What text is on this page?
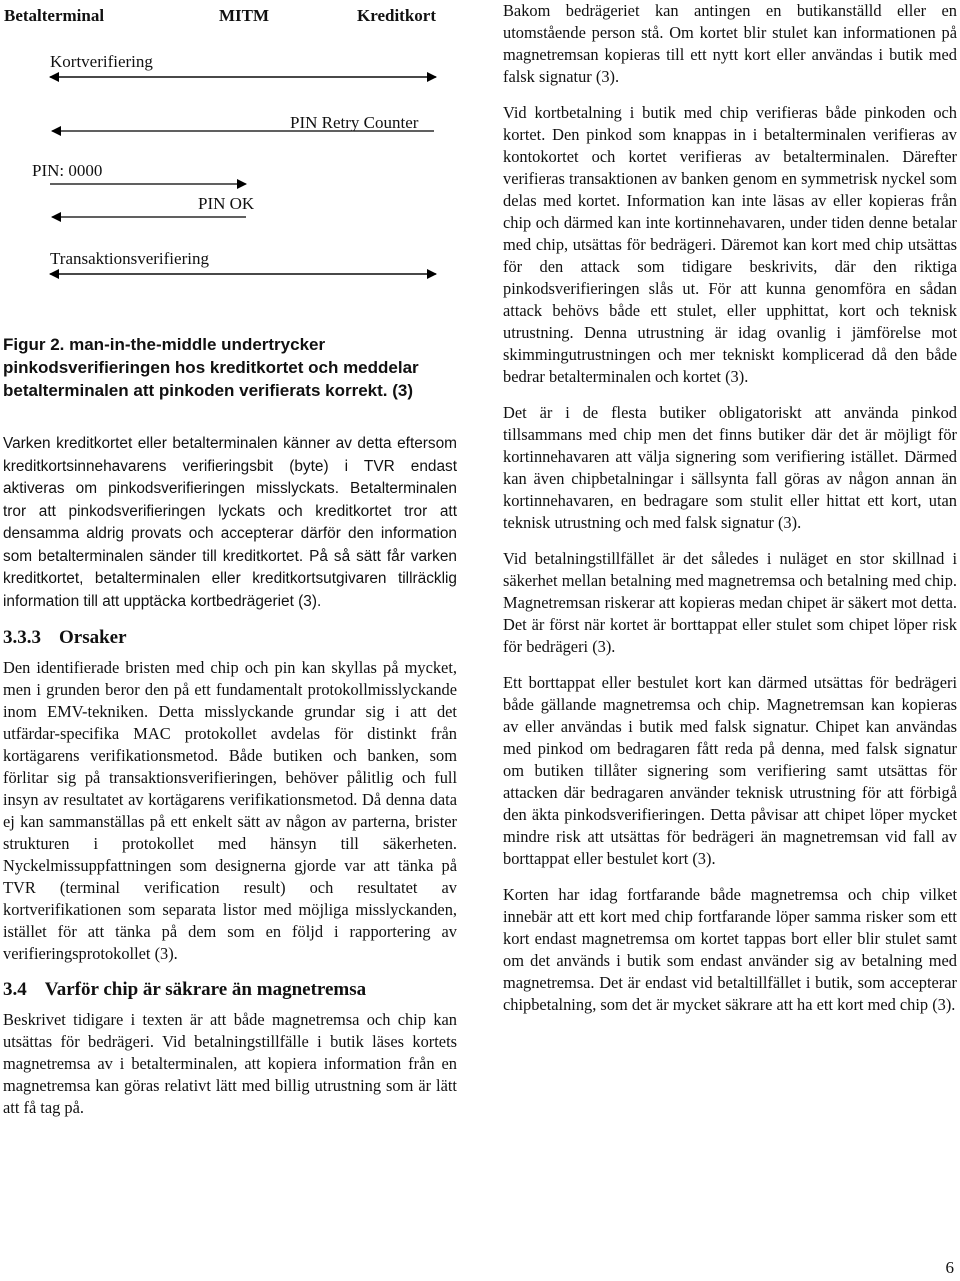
Betalterminal	MITM	Kreditkort
Kortverifiering
PIN Retry Counter
PIN: 0000
PIN OK
Transaktionsverifiering
Figur 2. man-in-the-middle undertrycker pinkodsverifieringen hos kreditkortet och meddelar betalterminalen att pinkoden verifierats korrekt. (3)

Varken kreditkortet eller betalterminalen känner av detta eftersom kreditkortsinnehavarens verifieringsbit (byte) i TVR endast aktiveras om pinkodsverifieringen misslyckats. Betalterminalen tror att pinkodsverifieringen lyckats och kreditkortet tror att densamma aldrig provats och accepterar därför den information som betalterminalen sänder till kreditkortet. På så sätt får varken kreditkortet, betalterminalen eller kreditkortsutgivaren tillräcklig information till att upptäcka kortbedrägeriet (3).

3.3.3 Orsaker

Den identifierade bristen med chip och pin kan skyllas på mycket, men i grunden beror den på ett fundamentalt protokollmisslyckande inom EMV-tekniken. Detta misslyckande grundar sig i att det utfärdar-specifika MAC protokollet avdelas för distinkt från kortägarens verifikationsmetod. Både butiken och banken, som förlitar sig på transaktionsverifieringen, behöver pålitlig och full insyn av resultatet av kortägarens verifikationsmetod. Då denna data ej kan sammanställas på ett enkelt sätt av någon av parterna, brister strukturen i protokollet med hänsyn till säkerheten. Nyckelmissuppfattningen som designerna gjorde var att tänka på TVR (terminal verification result) och resultatet av kortverifikationen som separata listor med möjliga misslyckanden, istället för att tänka på dem som en följd i rapportering av verifieringsprotokollet (3).

3.4 Varför chip är säkrare än magnetremsa

Beskrivet tidigare i texten är att både magnetremsa och chip kan utsättas för bedrägeri. Vid betalningstillfälle i butik läses kortets magnetremsa av i betalterminalen, att kopiera information från en magnetremsa kan göras relativt lätt med billig utrustning som är lätt att få tag på.

Bakom bedrägeriet kan antingen en butikanställd eller en utomstående person stå. Om kortet blir stulet kan informationen på magnetremsan kopieras till ett nytt kort eller användas i butik med falsk signatur (3).

Vid kortbetalning i butik med chip verifieras både pinkoden och kortet. Den pinkod som knappas in i betalterminalen verifieras av kontokortet och kortet verifieras av betalterminalen. Därefter verifieras transaktionen av banken genom en symmetrisk nyckel som delas med kortet. Information kan inte läsas av eller kopieras från chip och därmed kan inte kortinnehavaren, under tiden denne betalar med chip, utsättas för bedrägeri. Däremot kan kort med chip utsättas för den attack som tidigare beskrivits, där den riktiga pinkodsverifieringen slås ut. För att kunna genomföra en sådan attack behövs både ett stulet, eller upphittat, kort och teknisk utrustning. Denna utrustning är idag ovanlig i jämförelse mot skimmingutrustningen och mer tekniskt komplicerad då den både bedrar betalterminalen och kortet (3).

Det är i de flesta butiker obligatoriskt att använda pinkod tillsammans med chip men det finns butiker där det är möjligt för kortinnehavaren att välja signering som verifiering istället. Därmed kan även chipbetalningar i sällsynta fall göras av någon annan än kortinnehavaren, en bedragare som stulit eller hittat ett kort, utan teknisk utrustning och med falsk signatur (3).

Vid betalningstillfället är det således i nuläget en stor skillnad i säkerhet mellan betalning med magnetremsa och betalning med chip. Magnetremsan riskerar att kopieras medan chipet är säkert mot detta. Det är först när kortet är borttappat eller stulet som chipet löper risk för bedrägeri (3).

Ett borttappat eller bestulet kort kan därmed utsättas för bedrägeri både gällande magnetremsa och chip. Magnetremsan kan kopieras av eller användas i butik med falsk signatur. Chipet kan användas med pinkod om bedragaren fått reda på denna, med falsk signatur om butiken tillåter signering som verifiering samt utsättas för attacken där bedragaren använder teknisk utrustning för att förbigå den äkta pinkodsverifieringen. Detta påvisar att chipet löper mycket mindre risk att utsättas för bedrägeri än magnetremsan vid fall av borttappat eller bestulet kort (3).

Korten har idag fortfarande både magnetremsa och chip vilket innebär att ett kort med chip fortfarande löper samma risker som ett kort endast magnetremsa om kortet tappas bort eller blir stulet samt om det används i butik som endast använder sig av betalning med magnetremsa. Det är endast vid betaltillfället i butik, som accepterar chipbetalning, som det är mycket säkrare att ha ett kort med chip (3).

6
